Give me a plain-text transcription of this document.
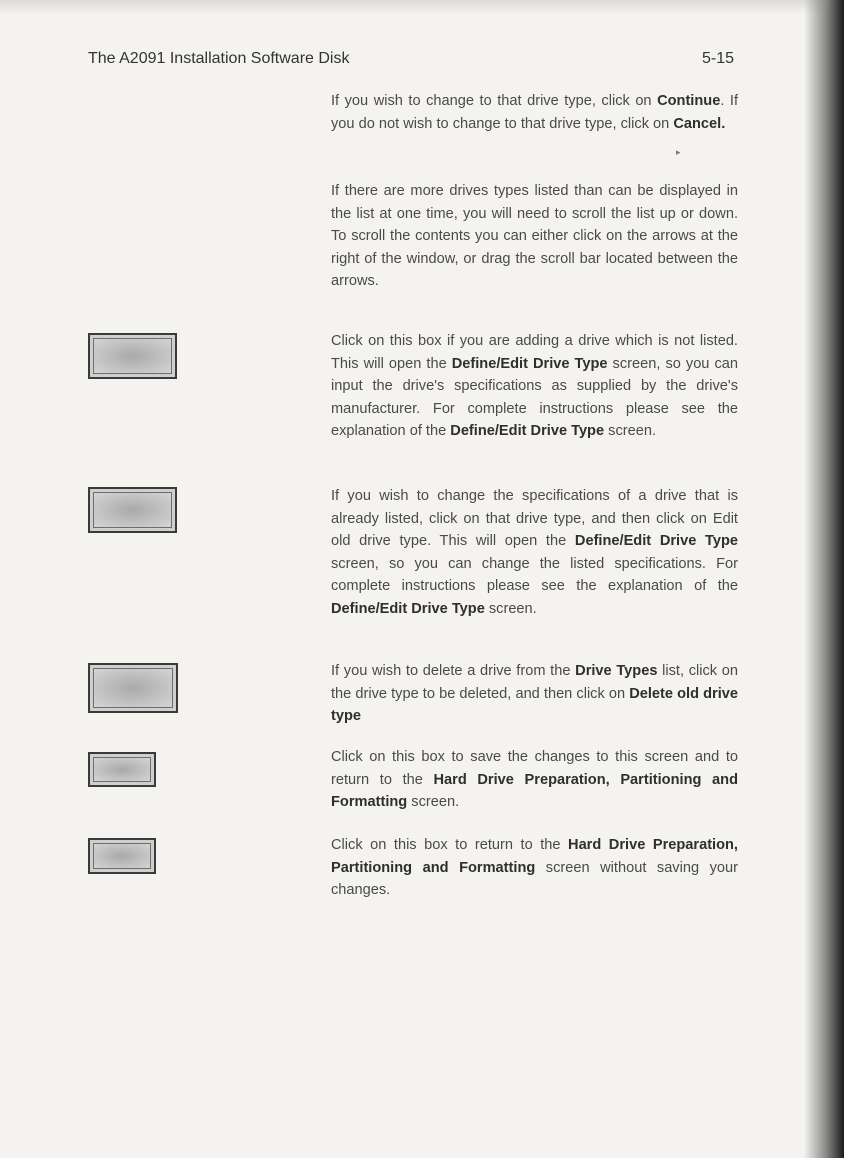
The A2091 Installation Software Disk	5-15

If you wish to change to that drive type, click on Continue. If you do not wish to change to that drive type, click on Cancel.

▸

If there are more drives types listed than can be displayed in the list at one time, you will need to scroll the list up or down. To scroll the contents you can either click on the arrows at the right of the window, or drag the scroll bar located between the arrows.

Click on this box if you are adding a drive which is not listed. This will open the Define/Edit Drive Type screen, so you can input the drive's specifications as supplied by the drive's manufacturer. For complete instructions please see the explanation of the Define/Edit Drive Type screen.

If you wish to change the specifications of a drive that is already listed, click on that drive type, and then click on Edit old drive type. This will open the Define/Edit Drive Type screen, so you can change the listed specifications. For complete instructions please see the explanation of the Define/Edit Drive Type screen.

If you wish to delete a drive from the Drive Types list, click on the drive type to be deleted, and then click on Delete old drive type

Click on this box to save the changes to this screen and to return to the Hard Drive Preparation, Partitioning and Formatting screen.

Click on this box to return to the Hard Drive Preparation, Partitioning and Formatting screen without saving your changes.
